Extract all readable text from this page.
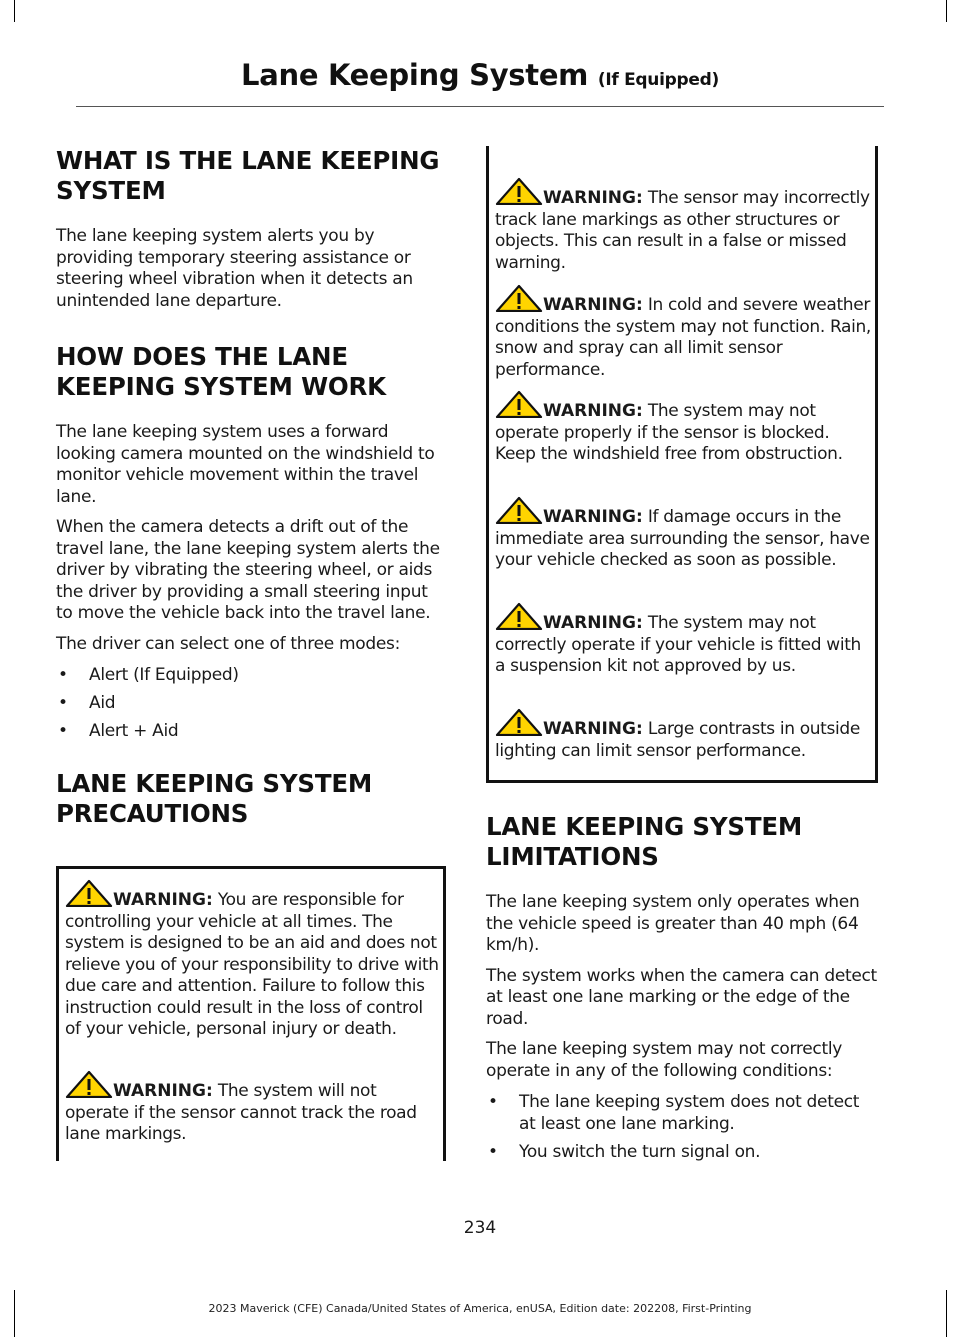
Lane Keeping System (If Equipped)
WHAT IS THE LANE KEEPING
SYSTEM

The lane keeping system alerts you by providing temporary steering assistance or steering wheel vibration when it detects an unintended lane departure.

HOW DOES THE LANE
KEEPING SYSTEM WORK

The lane keeping system uses a forward looking camera mounted on the windshield to monitor vehicle movement within the travel lane.

When the camera detects a drift out of the travel lane, the lane keeping system alerts the driver by vibrating the steering wheel, or aids the driver by providing a small steering input to move the vehicle back into the travel lane.

The driver can select one of three modes:

• Alert (If Equipped)
• Aid
• Alert + Aid
LANE KEEPING SYSTEM
PRECAUTIONS
WARNING: You are responsible for controlling your vehicle at all times. The system is designed to be an aid and does not relieve you of your responsibility to drive with due care and attention. Failure to follow this instruction could result in the loss of control of your vehicle, personal injury or death.
WARNING: The system will not operate if the sensor cannot track the road lane markings.
WARNING: The sensor may incorrectly track lane markings as other structures or objects. This can result in a false or missed warning.
WARNING: In cold and severe weather conditions the system may not function. Rain, snow and spray can all limit sensor performance.
WARNING: The system may not operate properly if the sensor is blocked. Keep the windshield free from obstruction.
WARNING: If damage occurs in the immediate area surrounding the sensor, have your vehicle checked as soon as possible.
WARNING: The system may not correctly operate if your vehicle is fitted with a suspension kit not approved by us.
WARNING: Large contrasts in outside lighting can limit sensor performance.
LANE KEEPING SYSTEM
LIMITATIONS

The lane keeping system only operates when the vehicle speed is greater than 40 mph (64 km/h).

The system works when the camera can detect at least one lane marking or the edge of the road.

The lane keeping system may not correctly operate in any of the following conditions:

• The lane keeping system does not detect at least one lane marking.
• You switch the turn signal on.
234
2023 Maverick (CFE) Canada/United States of America, enUSA, Edition date: 202208, First-Printing
